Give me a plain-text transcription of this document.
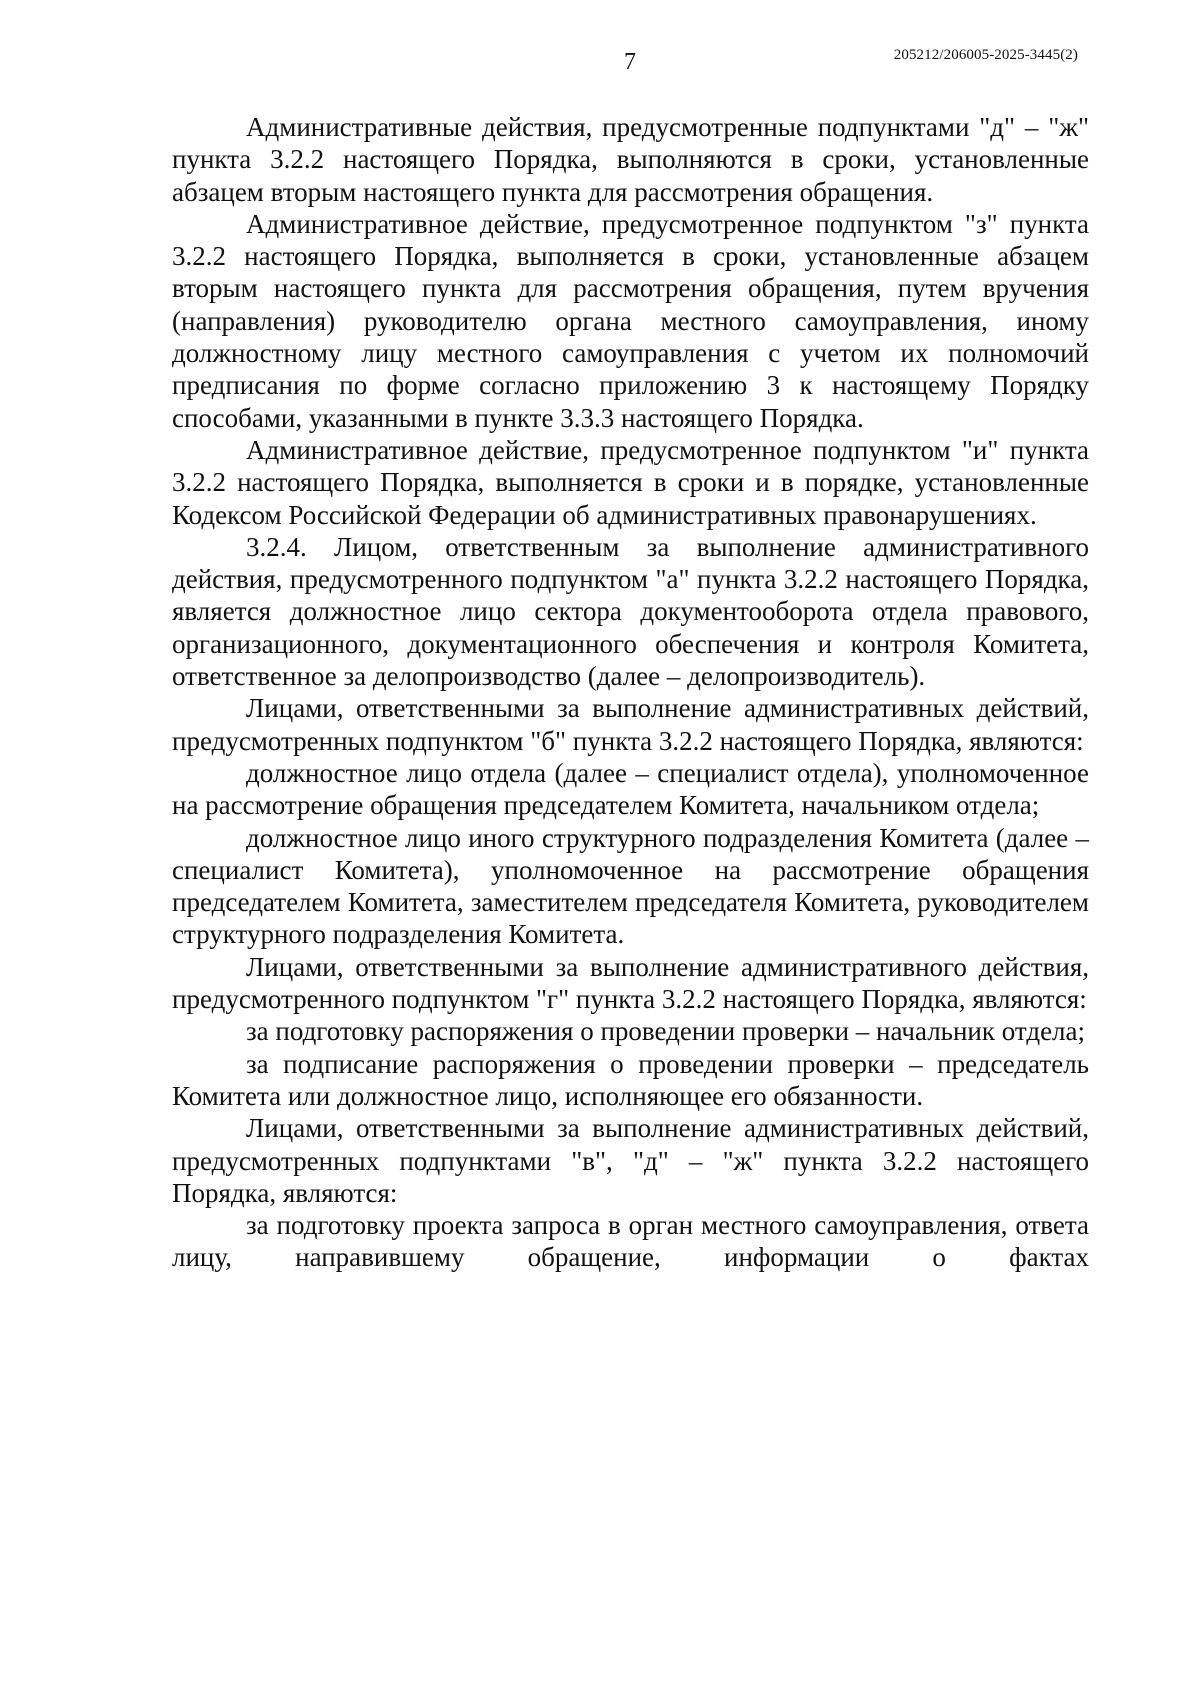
7	205212/206005-2025-3445(2)

Административные действия, предусмотренные подпунктами "д" – "ж" пункта 3.2.2 настоящего Порядка, выполняются в сроки, установленные абзацем вторым настоящего пункта для рассмотрения обращения.

Административное действие, предусмотренное подпунктом "з" пункта 3.2.2 настоящего Порядка, выполняется в сроки, установленные абзацем вторым настоящего пункта для рассмотрения обращения, путем вручения (направления) руководителю органа местного самоуправления, иному должностному лицу местного самоуправления с учетом их полномочий предписания по форме согласно приложению 3 к настоящему Порядку способами, указанными в пункте 3.3.3 настоящего Порядка.

Административное действие, предусмотренное подпунктом "и" пункта 3.2.2 настоящего Порядка, выполняется в сроки и в порядке, установленные Кодексом Российской Федерации об административных правонарушениях.

3.2.4. Лицом, ответственным за выполнение административного действия, предусмотренного подпунктом "а" пункта 3.2.2 настоящего Порядка, является должностное лицо сектора документооборота отдела правового, организационного, документационного обеспечения и контроля Комитета, ответственное за делопроизводство (далее – делопроизводитель).

Лицами, ответственными за выполнение административных действий, предусмотренных подпунктом "б" пункта 3.2.2 настоящего Порядка, являются:

должностное лицо отдела (далее – специалист отдела), уполномоченное на рассмотрение обращения председателем Комитета, начальником отдела;

должностное лицо иного структурного подразделения Комитета (далее – специалист Комитета), уполномоченное на рассмотрение обращения председателем Комитета, заместителем председателя Комитета, руководителем структурного подразделения Комитета.

Лицами, ответственными за выполнение административного действия, предусмотренного подпунктом "г" пункта 3.2.2 настоящего Порядка, являются:

за подготовку распоряжения о проведении проверки – начальник отдела;

за подписание распоряжения о проведении проверки – председатель Комитета или должностное лицо, исполняющее его обязанности.

Лицами, ответственными за выполнение административных действий, предусмотренных подпунктами "в", "д" – "ж" пункта 3.2.2 настоящего Порядка, являются:

за подготовку проекта запроса в орган местного самоуправления, ответа лицу, направившему обращение, информации о фактах
